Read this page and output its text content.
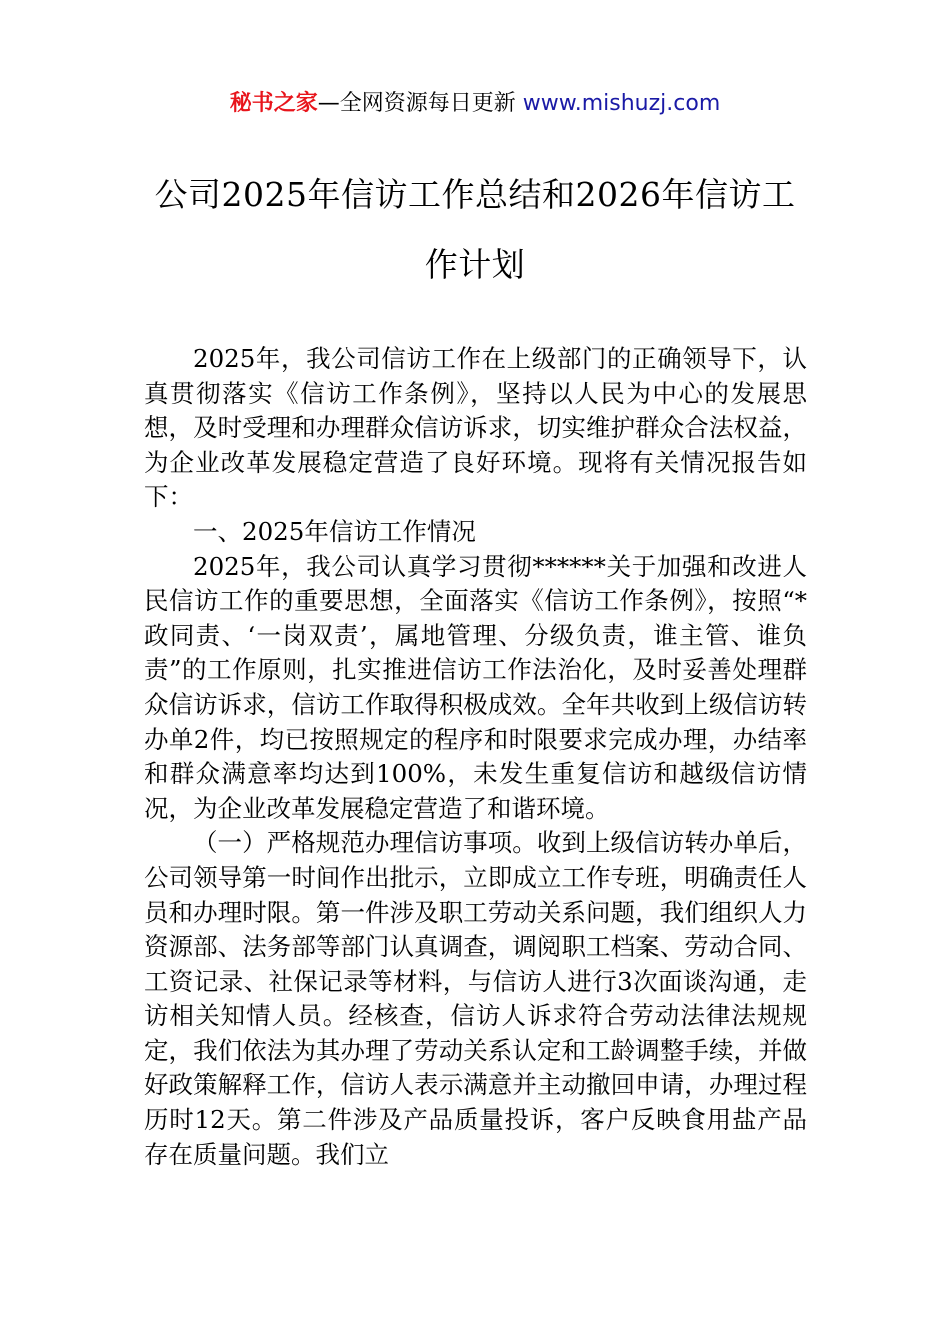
秘书之家—全网资源每日更新 www.mishuzj.com
公司2025年信访工作总结和2026年信访工作计划

2025年，我公司信访工作在上级部门的正确领导下，认真贯彻落实《信访工作条例》，坚持以人民为中心的发展思想，及时受理和办理群众信访诉求，切实维护群众合法权益，为企业改革发展稳定营造了良好环境。现将有关情况报告如下：

一、2025年信访工作情况

2025年，我公司认真学习贯彻******关于加强和改进人民信访工作的重要思想，全面落实《信访工作条例》，按照“*政同责、‘一岗双责’，属地管理、分级负责，谁主管、谁负责”的工作原则，扎实推进信访工作法治化，及时妥善处理群众信访诉求，信访工作取得积极成效。全年共收到上级信访转办单2件，均已按照规定的程序和时限要求完成办理，办结率和群众满意率均达到100%，未发生重复信访和越级信访情况，为企业改革发展稳定营造了和谐环境。

（一）严格规范办理信访事项。收到上级信访转办单后，公司领导第一时间作出批示，立即成立工作专班，明确责任人员和办理时限。第一件涉及职工劳动关系问题，我们组织人力资源部、法务部等部门认真调查，调阅职工档案、劳动合同、工资记录、社保记录等材料，与信访人进行3次面谈沟通，走访相关知情人员。经核查，信访人诉求符合劳动法律法规规定，我们依法为其办理了劳动关系认定和工龄调整手续，并做好政策解释工作，信访人表示满意并主动撤回申请，办理过程历时12天。第二件涉及产品质量投诉，客户反映食用盐产品存在质量问题。我们立
